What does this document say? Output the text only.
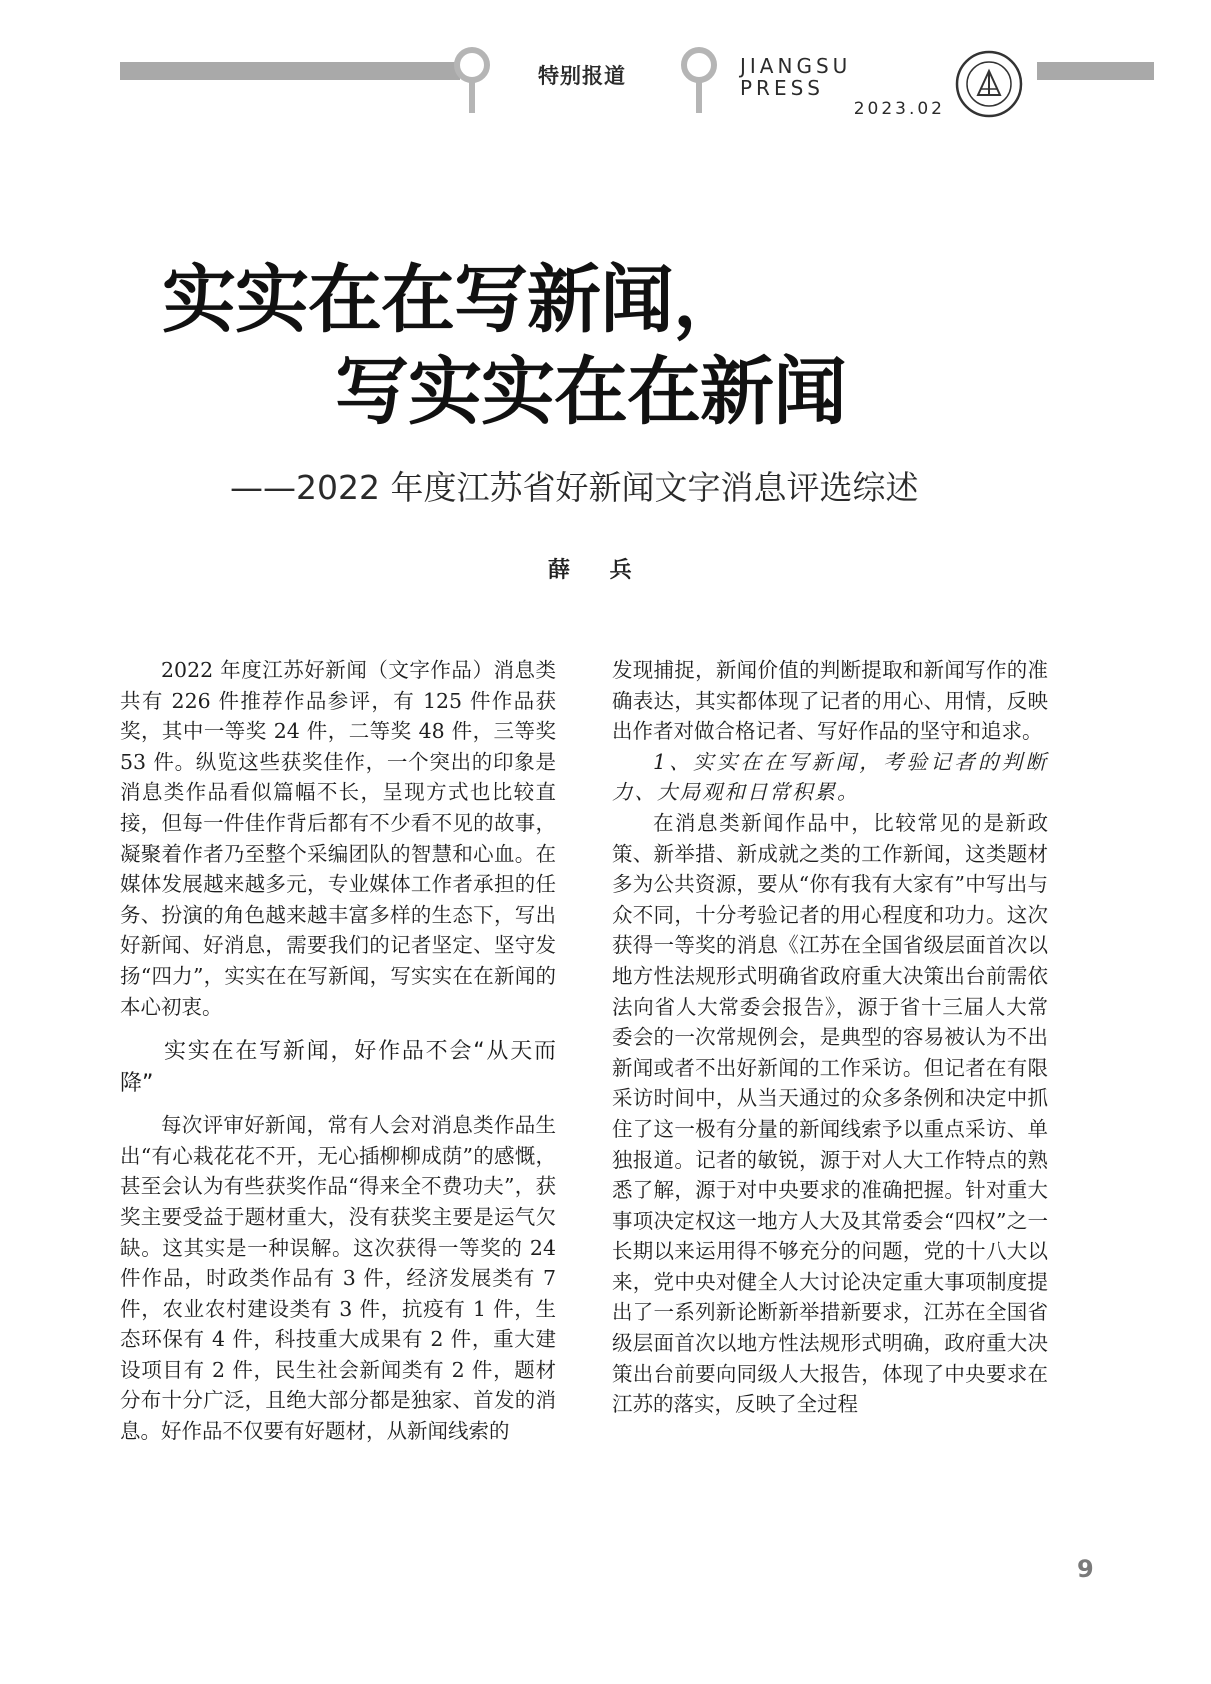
特别报道	JIANGSU PRESS
2023.02
实实在在写新闻，
写实实在在新闻
——2022 年度江苏省好新闻文字消息评选综述
薛 兵

2022 年度江苏好新闻（文字作品）消息类共有 226 件推荐作品参评，有 125 件作品获奖，其中一等奖 24 件，二等奖 48 件，三等奖 53 件。纵览这些获奖佳作，一个突出的印象是消息类作品看似篇幅不长，呈现方式也比较直接，但每一件佳作背后都有不少看不见的故事，凝聚着作者乃至整个采编团队的智慧和心血。在媒体发展越来越多元，专业媒体工作者承担的任务、扮演的角色越来越丰富多样的生态下，写出好新闻、好消息，需要我们的记者坚定、坚守发扬“四力”，实实在在写新闻，写实实在在新闻的本心初衷。

实实在在写新闻，好作品不会“从天而降”

每次评审好新闻，常有人会对消息类作品生出“有心栽花花不开，无心插柳柳成荫”的感慨，甚至会认为有些获奖作品“得来全不费功夫”，获奖主要受益于题材重大，没有获奖主要是运气欠缺。这其实是一种误解。这次获得一等奖的 24 件作品，时政类作品有 3 件，经济发展类有 7 件，农业农村建设类有 3 件，抗疫有 1 件，生态环保有 4 件，科技重大成果有 2 件，重大建设项目有 2 件，民生社会新闻类有 2 件，题材分布十分广泛，且绝大部分都是独家、首发的消息。好作品不仅要有好题材，从新闻线索的

发现捕捉，新闻价值的判断提取和新闻写作的准确表达，其实都体现了记者的用心、用情，反映出作者对做合格记者、写好作品的坚守和追求。

1、实实在在写新闻，考验记者的判断力、大局观和日常积累。

在消息类新闻作品中，比较常见的是新政策、新举措、新成就之类的工作新闻，这类题材多为公共资源，要从“你有我有大家有”中写出与众不同，十分考验记者的用心程度和功力。这次获得一等奖的消息《江苏在全国省级层面首次以地方性法规形式明确省政府重大决策出台前需依法向省人大常委会报告》，源于省十三届人大常委会的一次常规例会，是典型的容易被认为不出新闻或者不出好新闻的工作采访。但记者在有限采访时间中，从当天通过的众多条例和决定中抓住了这一极有分量的新闻线索予以重点采访、单独报道。记者的敏锐，源于对人大工作特点的熟悉了解，源于对中央要求的准确把握。针对重大事项决定权这一地方人大及其常委会“四权”之一长期以来运用得不够充分的问题，党的十八大以来，党中央对健全人大讨论决定重大事项制度提出了一系列新论断新举措新要求，江苏在全国省级层面首次以地方性法规形式明确，政府重大决策出台前要向同级人大报告，体现了中央要求在江苏的落实，反映了全过程

9
